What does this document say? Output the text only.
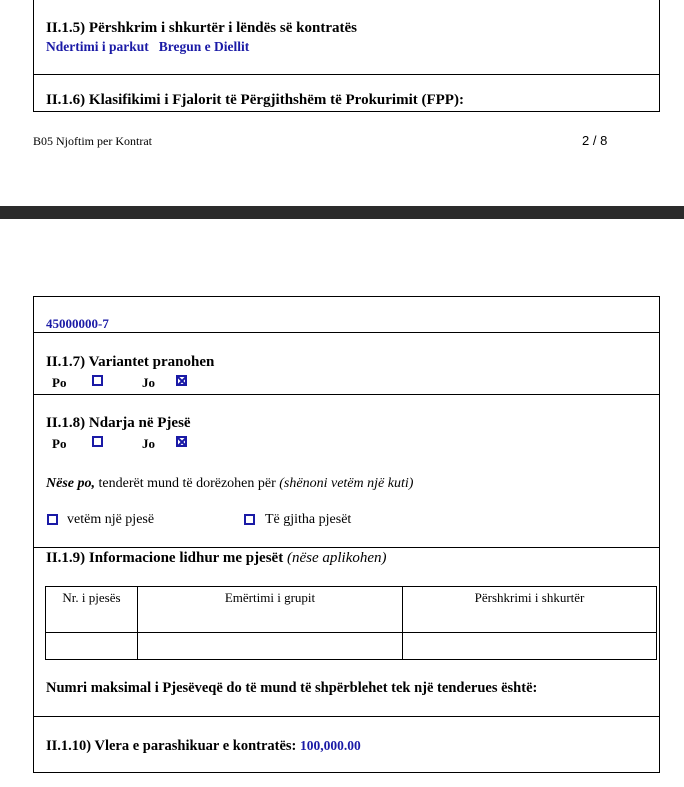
II.1.5) Përshkrim i shkurtër i lëndës së kontratës
Ndertimi i parkut Bregun e Diellit
II.1.6) Klasifikimi i Fjalorit të Përgjithshëm të Prokurimit (FPP):
B05 Njoftim per Kontrat	2 / 8
45000000-7
II.1.7) Variantet pranohen
Po	Jo
II.1.8) Ndarja në Pjesë
Po	Jo
Nëse po, tenderët mund të dorëzohen për (shënoni vetëm një kuti)
vetëm një pjesë	Të gjitha pjesët
II.1.9) Informacione lidhur me pjesët (nëse aplikohen)
Nr. i pjesës	Emërtimi i grupit	Përshkrimi i shkurtër

Numri maksimal i Pjesëveqë do të mund të shpërblehet tek një tenderues është:
II.1.10) Vlera e parashikuar e kontratës: 100,000.00
